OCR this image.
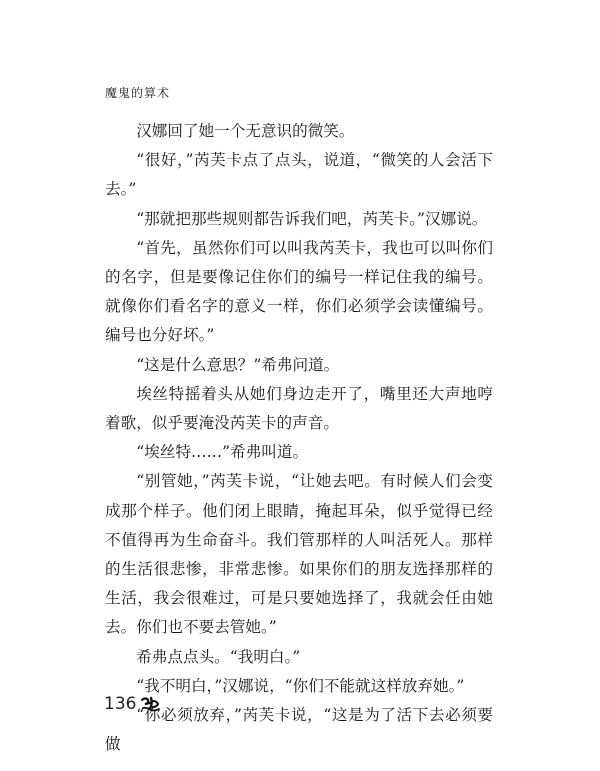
魔鬼的算术

汉娜回了她一个无意识的微笑。

“很好，”芮芙卡点了点头，说道，“微笑的人会活下去。”

“那就把那些规则都告诉我们吧，芮芙卡。”汉娜说。

“首先，虽然你们可以叫我芮芙卡，我也可以叫你们的名字，但是要像记住你们的编号一样记住我的编号。就像你们看名字的意义一样，你们必须学会读懂编号。编号也分好坏。”

“这是什么意思？”希弗问道。

埃丝特摇着头从她们身边走开了，嘴里还大声地哼着歌，似乎要淹没芮芙卡的声音。

“埃丝特……”希弗叫道。

“别管她，”芮芙卡说，“让她去吧。有时候人们会变成那个样子。他们闭上眼睛，掩起耳朵，似乎觉得已经不值得再为生命奋斗。我们管那样的人叫活死人。那样的生活很悲惨，非常悲惨。如果你们的朋友选择那样的生活，我会很难过，可是只要她选择了，我就会任由她去。你们也不要去管她。”

希弗点点头。“我明白。”

“我不明白，”汉娜说，“你们不能就这样放弃她。”

“你必须放弃，”芮芙卡说，“这是为了活下去必须要做

136
